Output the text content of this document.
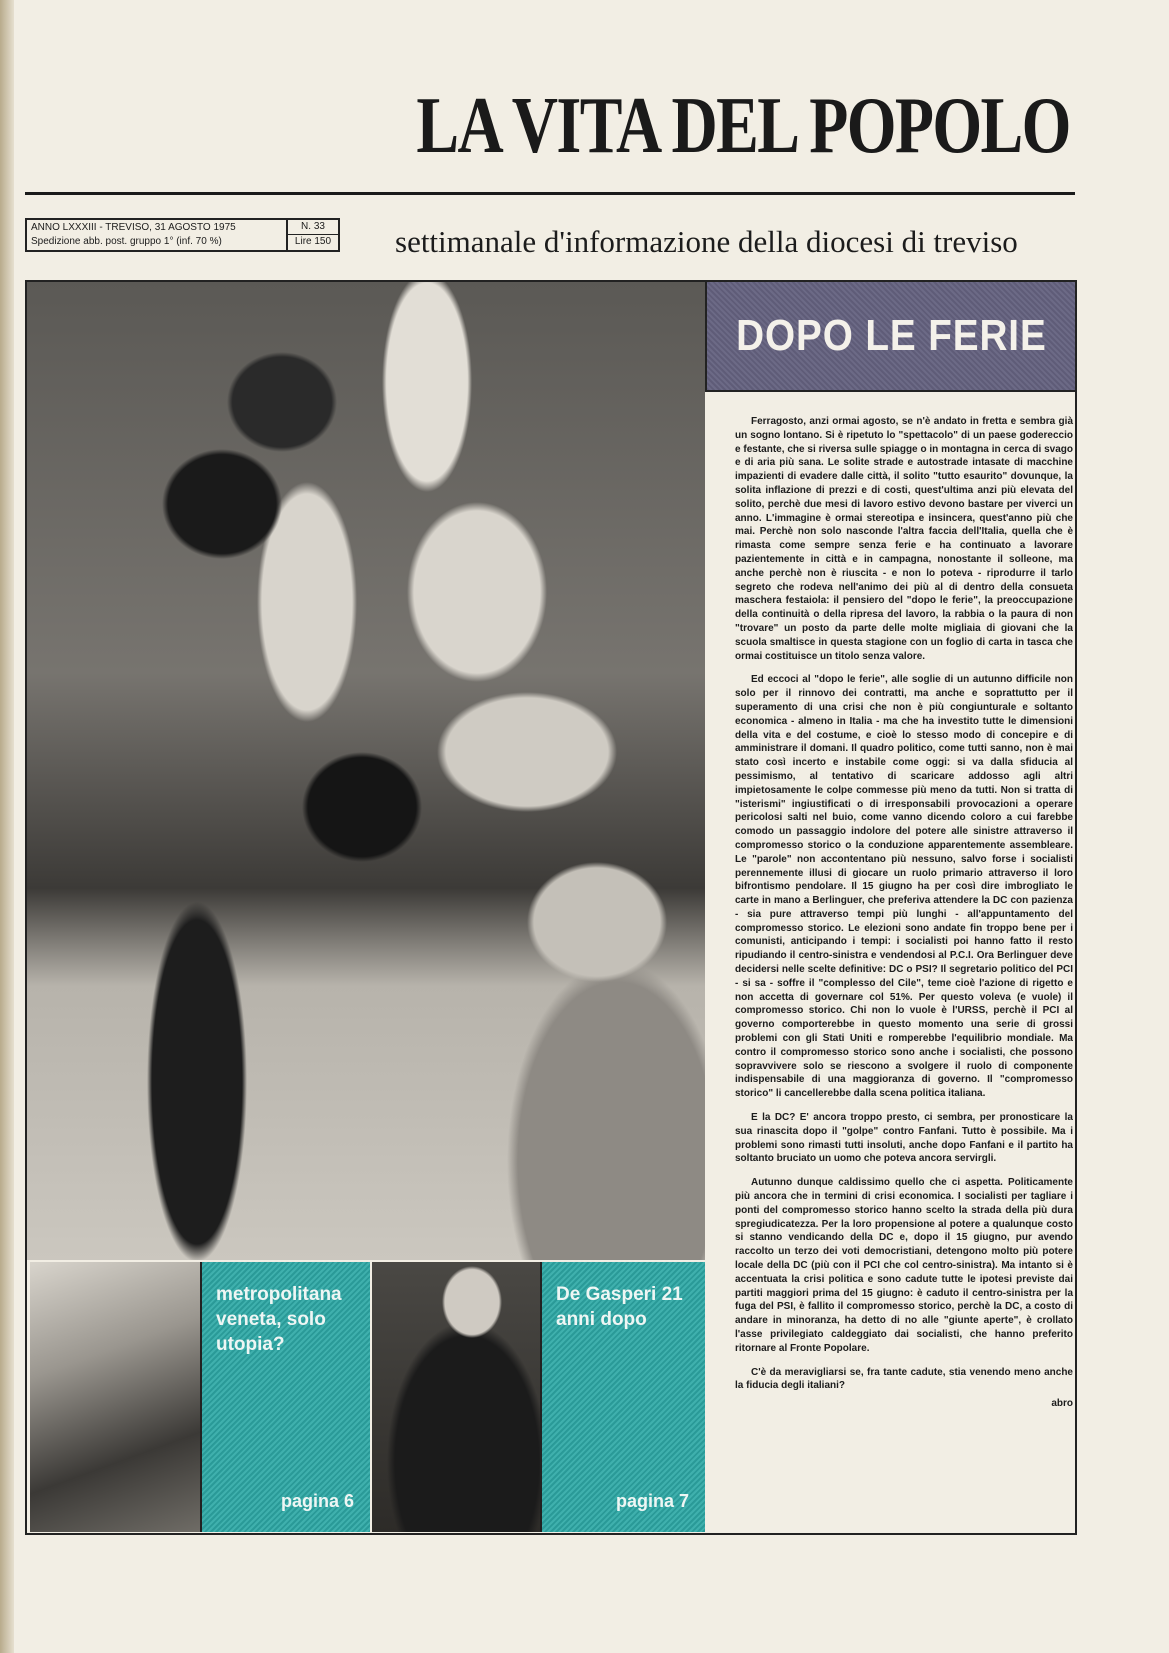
LA VITA DEL POPOLO
ANNO LXXXIII - TREVISO, 31 AGOSTO 1975
Spedizione abb. post. gruppo 1° (inf. 70 %)
N. 33
Lire 150 settimanale d'informazione della diocesi di treviso
DOPO LE FERIE

Ferragosto, anzi ormai agosto, se n'è andato in fretta e sembra già un sogno lontano. Si è ripetuto lo "spettacolo" di un paese godereccio e festante, che si riversa sulle spiagge o in montagna in cerca di svago e di aria più sana. Le solite strade e autostrade intasate di macchine impazienti di evadere dalle città, il solito "tutto esaurito" dovunque, la solita inflazione di prezzi e di costi, quest'ultima anzi più elevata del solito, perchè due mesi di lavoro estivo devono bastare per viverci un anno. L'immagine è ormai stereotipa e insincera, quest'anno più che mai. Perchè non solo nasconde l'altra faccia dell'Italia, quella che è rimasta come sempre senza ferie e ha continuato a lavorare pazientemente in città e in campagna, nonostante il solleone, ma anche perchè non è riuscita - e non lo poteva - riprodurre il tarlo segreto che rodeva nell'animo dei più al di dentro della consueta maschera festaiola: il pensiero del "dopo le ferie", la preoccupazione della continuità o della ripresa del lavoro, la rabbia o la paura di non "trovare" un posto da parte delle molte migliaia di giovani che la scuola smaltisce in questa stagione con un foglio di carta in tasca che ormai costituisce un titolo senza valore.

Ed eccoci al "dopo le ferie", alle soglie di un autunno difficile non solo per il rinnovo dei contratti, ma anche e soprattutto per il superamento di una crisi che non è più congiunturale e soltanto economica - almeno in Italia - ma che ha investito tutte le dimensioni della vita e del costume, e cioè lo stesso modo di concepire e di amministrare il domani. Il quadro politico, come tutti sanno, non è mai stato così incerto e instabile come oggi: si va dalla sfiducia al pessimismo, al tentativo di scaricare addosso agli altri impietosamente le colpe commesse più meno da tutti. Non si tratta di "isterismi" ingiustificati o di irresponsabili provocazioni a operare pericolosi salti nel buio, come vanno dicendo coloro a cui farebbe comodo un passaggio indolore del potere alle sinistre attraverso il compromesso storico o la conduzione apparentemente assembleare. Le "parole" non accontentano più nessuno, salvo forse i socialisti perennemente illusi di giocare un ruolo primario attraverso il loro bifrontismo pendolare. Il 15 giugno ha per così dire imbrogliato le carte in mano a Berlinguer, che preferiva attendere la DC con pazienza - sia pure attraverso tempi più lunghi - all'appuntamento del compromesso storico. Le elezioni sono andate fin troppo bene per i comunisti, anticipando i tempi: i socialisti poi hanno fatto il resto ripudiando il centro-sinistra e vendendosi al P.C.I. Ora Berlinguer deve decidersi nelle scelte definitive: DC o PSI? Il segretario politico del PCI - si sa - soffre il "complesso del Cile", teme cioè l'azione di rigetto e non accetta di governare col 51%. Per questo voleva (e vuole) il compromesso storico. Chi non lo vuole è l'URSS, perchè il PCI al governo comporterebbe in questo momento una serie di grossi problemi con gli Stati Uniti e romperebbe l'equilibrio mondiale. Ma contro il compromesso storico sono anche i socialisti, che possono sopravvivere solo se riescono a svolgere il ruolo di componente indispensabile di una maggioranza di governo. Il "compromesso storico" li cancellerebbe dalla scena politica italiana.

E la DC? E' ancora troppo presto, ci sembra, per pronosticare la sua rinascita dopo il "golpe" contro Fanfani. Tutto è possibile. Ma i problemi sono rimasti tutti insoluti, anche dopo Fanfani e il partito ha soltanto bruciato un uomo che poteva ancora servirgli.

Autunno dunque caldissimo quello che ci aspetta. Politicamente più ancora che in termini di crisi economica. I socialisti per tagliare i ponti del compromesso storico hanno scelto la strada della più dura spregiudicatezza. Per la loro propensione al potere a qualunque costo si stanno vendicando della DC e, dopo il 15 giugno, pur avendo raccolto un terzo dei voti democristiani, detengono molto più potere locale della DC (più con il PCI che col centro-sinistra). Ma intanto si è accentuata la crisi politica e sono cadute tutte le ipotesi previste dai partiti maggiori prima del 15 giugno: è caduto il centro-sinistra per la fuga del PSI, è fallito il compromesso storico, perchè la DC, a costo di andare in minoranza, ha detto di no alle "giunte aperte", è crollato l'asse privilegiato caldeggiato dai socialisti, che hanno preferito ritornare al Fronte Popolare.

C'è da meravigliarsi se, fra tante cadute, stia venendo meno anche la fiducia degli italiani?

abro
metropolitana veneta, solo utopia?
pagina 6
De Gasperi 21 anni dopo
pagina 7
